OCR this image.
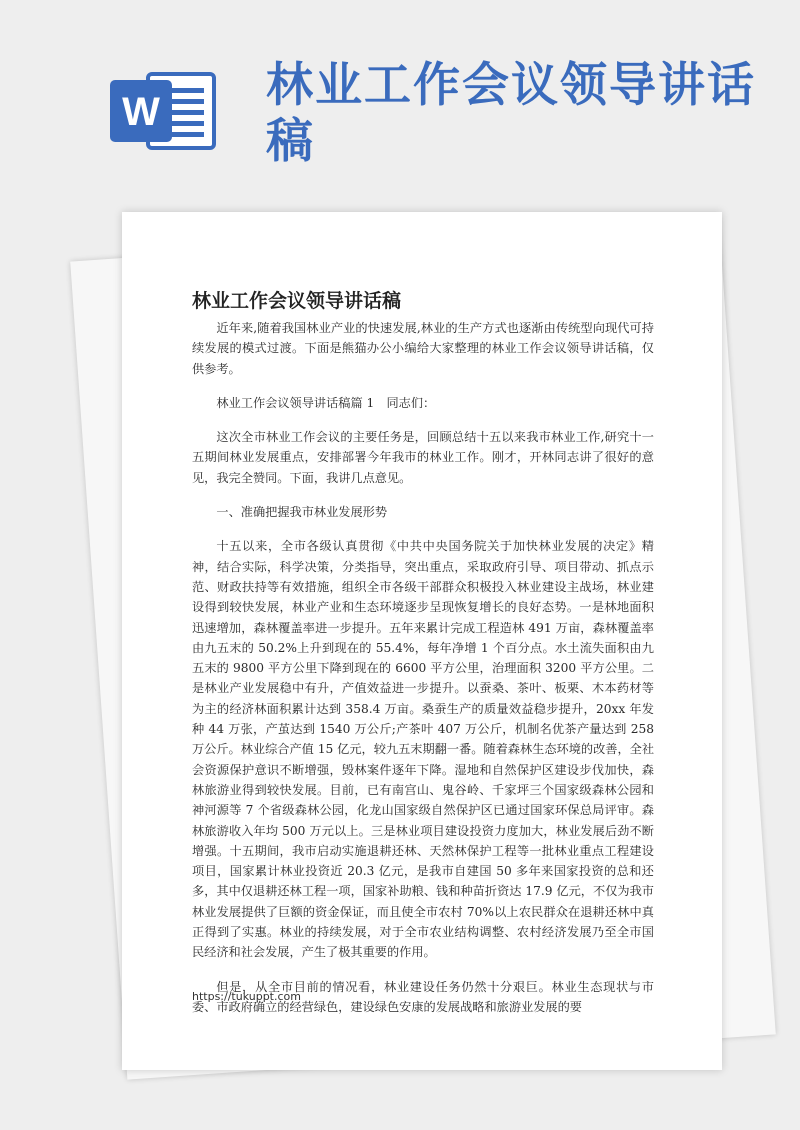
W 林业工作会议领导讲话稿
林业工作会议领导讲话稿

近年来,随着我国林业产业的快速发展,林业的生产方式也逐渐由传统型向现代可持续发展的模式过渡。下面是熊猫办公小编给大家整理的林业工作会议领导讲话稿，仅供参考。

林业工作会议领导讲话稿篇 1　同志们：

这次全市林业工作会议的主要任务是，回顾总结十五以来我市林业工作,研究十一五期间林业发展重点，安排部署今年我市的林业工作。刚才，开林同志讲了很好的意见，我完全赞同。下面，我讲几点意见。

一、准确把握我市林业发展形势

十五以来，全市各级认真贯彻《中共中央国务院关于加快林业发展的决定》精神，结合实际，科学决策，分类指导，突出重点，采取政府引导、项目带动、抓点示范、财政扶持等有效措施，组织全市各级干部群众积极投入林业建设主战场，林业建设得到较快发展，林业产业和生态环境逐步呈现恢复增长的良好态势。一是林地面积迅速增加，森林覆盖率进一步提升。五年来累计完成工程造林 491 万亩，森林覆盖率由九五末的 50.2%上升到现在的 55.4%，每年净增 1 个百分点。水土流失面积由九五末的 9800 平方公里下降到现在的 6600 平方公里，治理面积 3200 平方公里。二是林业产业发展稳中有升，产值效益进一步提升。以蚕桑、茶叶、板栗、木本药材等为主的经济林面积累计达到 358.4 万亩。桑蚕生产的质量效益稳步提升，20xx 年发种 44 万张，产茧达到 1540 万公斤;产茶叶 407 万公斤，机制名优茶产量达到 258 万公斤。林业综合产值 15 亿元，较九五末期翻一番。随着森林生态环境的改善，全社会资源保护意识不断增强，毁林案件逐年下降。湿地和自然保护区建设步伐加快，森林旅游业得到较快发展。目前，已有南宫山、鬼谷岭、千家坪三个国家级森林公园和神河源等 7 个省级森林公园，化龙山国家级自然保护区已通过国家环保总局评审。森林旅游收入年均 500 万元以上。三是林业项目建设投资力度加大，林业发展后劲不断增强。十五期间，我市启动实施退耕还林、天然林保护工程等一批林业重点工程建设项目，国家累计林业投资近 20.3 亿元，是我市自建国 50 多年来国家投资的总和还多，其中仅退耕还林工程一项，国家补助粮、钱和种苗折资达 17.9 亿元，不仅为我市林业发展提供了巨额的资金保证，而且使全市农村 70%以上农民群众在退耕还林中真正得到了实惠。林业的持续发展，对于全市农业结构调整、农村经济发展乃至全市国民经济和社会发展，产生了极其重要的作用。

但是，从全市目前的情况看，林业建设任务仍然十分艰巨。林业生态现状与市委、市政府确立的经营绿色，建设绿色安康的发展战略和旅游业发展的要

https://tukuppt.com
